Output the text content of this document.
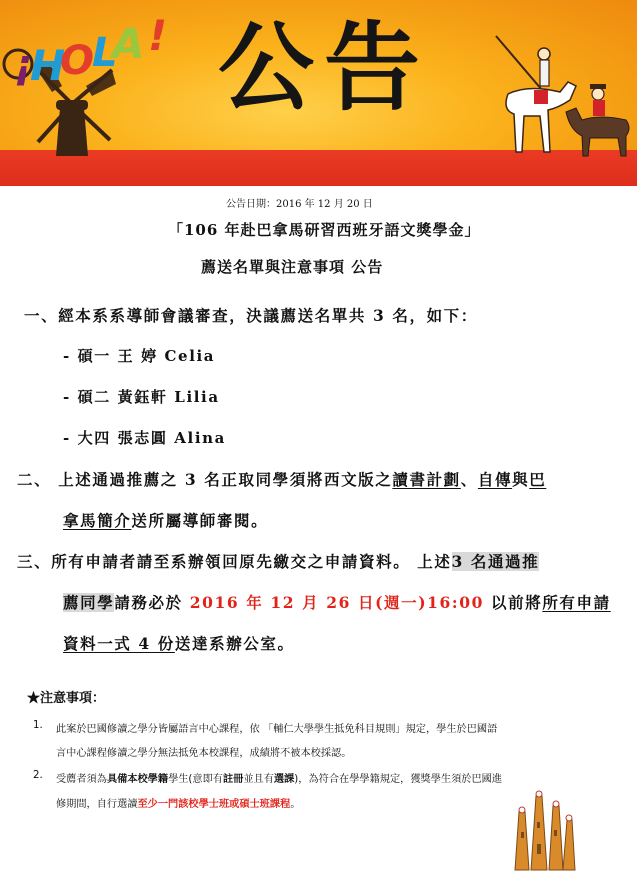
¡
H
O
L
A ! 公告
公告日期：2016 年 12 月 20 日
「106 年赴巴拿馬研習西班牙語文獎學金」
薦送名單與注意事項 公告
一、經本系系導師會議審查，決議薦送名單共 3 名，如下：
- 碩一 王 婷 Celia
- 碩二 黃鈺軒 Lilia
- 大四 張志圓 Alina
二、 上述通過推薦之 3 名正取同學須將西文版之讀書計劃、自傳與巴
拿馬簡介送所屬導師審閱。
三、所有申請者請至系辦領回原先繳交之申請資料。 上述3 名通過推
薦同學請務必於 2016 年 12 月 26 日(週一)16:00 以前將所有申請
資料一式 4 份送達系辦公室。
★注意事項：
1. 此案於巴國修讀之學分皆屬語言中心課程，依 「輔仁大學學生抵免科目規則」規定，學生於巴國語
言中心課程修讀之學分無法抵免本校課程，成績將不被本校採認。
2. 受薦者須為具備本校學籍學生(意即有註冊並且有選課)，為符合在學學籍規定，獲獎學生須於巴國進
修期間，自行選讀至少一門該校學士班或碩士班課程。
